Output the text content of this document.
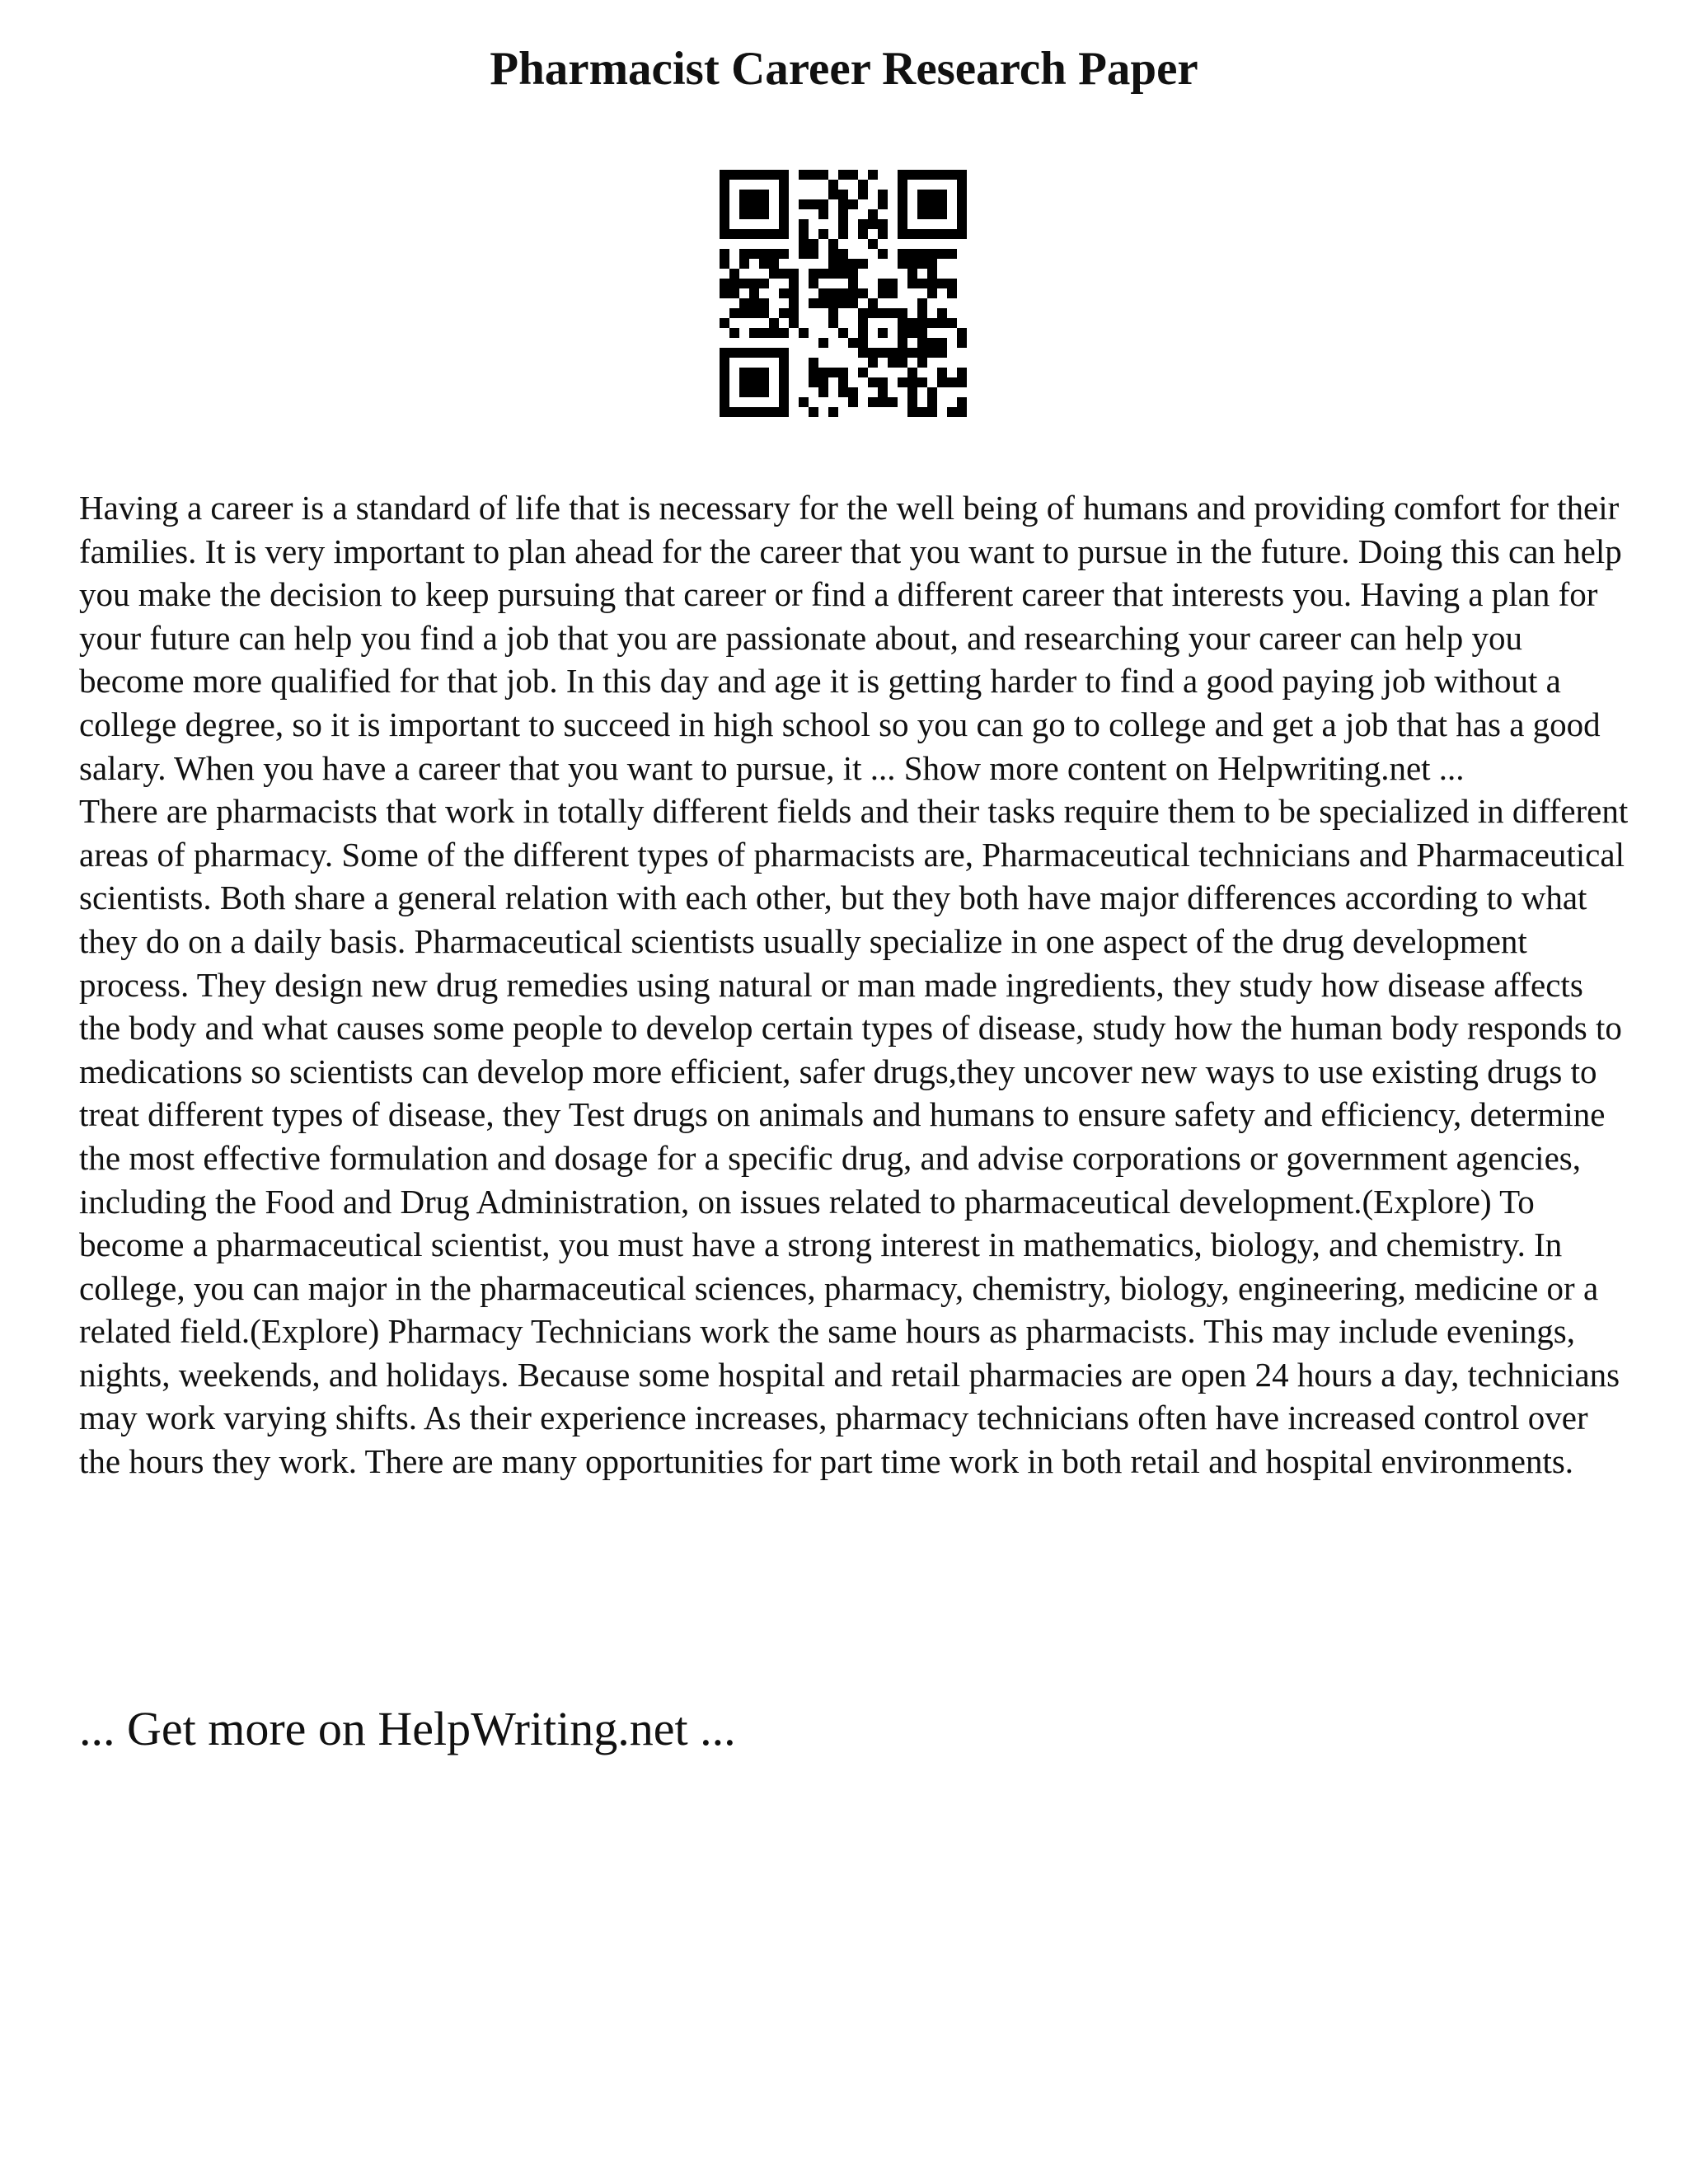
Pharmacist Career Research Paper

Having a career is a standard of life that is necessary for the well being of humans and providing comfort for their families. It is very important to plan ahead for the career that you want to pursue in the future. Doing this can help you make the decision to keep pursuing that career or find a different career that interests you. Having a plan for your future can help you find a job that you are passionate about, and researching your career can help you become more qualified for that job. In this day and age it is getting harder to find a good paying job without a college degree, so it is important to succeed in high school so you can go to college and get a job that has a good salary. When you have a career that you want to pursue, it ... Show more content on Helpwriting.net ...

There are pharmacists that work in totally different fields and their tasks require them to be specialized in different areas of pharmacy. Some of the different types of pharmacists are, Pharmaceutical technicians and Pharmaceutical scientists. Both share a general relation with each other, but they both have major differences according to what they do on a daily basis. Pharmaceutical scientists usually specialize in one aspect of the drug development process. They design new drug remedies using natural or man made ingredients, they study how disease affects the body and what causes some people to develop certain types of disease, study how the human body responds to medications so scientists can develop more efficient, safer drugs,they uncover new ways to use existing drugs to treat different types of disease, they Test drugs on animals and humans to ensure safety and efficiency, determine the most effective formulation and dosage for a specific drug, and advise corporations or government agencies, including the Food and Drug Administration, on issues related to pharmaceutical development.(Explore) To become a pharmaceutical scientist, you must have a strong interest in mathematics, biology, and chemistry. In college, you can major in the pharmaceutical sciences, pharmacy, chemistry, biology, engineering, medicine or a related field.(Explore) Pharmacy Technicians work the same hours as pharmacists. This may include evenings, nights, weekends, and holidays. Because some hospital and retail pharmacies are open 24 hours a day, technicians may work varying shifts. As their experience increases, pharmacy technicians often have increased control over the hours they work. There are many opportunities for part time work in both retail and hospital environments.

... Get more on HelpWriting.net ...
